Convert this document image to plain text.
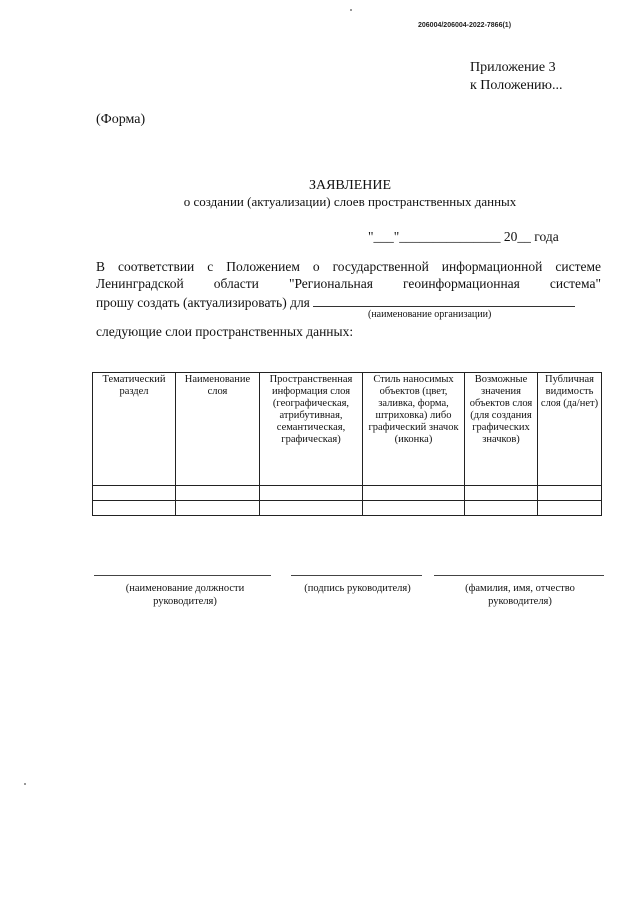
206004/206004-2022-7866(1)
Приложение 3
к Положению...
(Форма)
ЗАЯВЛЕНИЕ
о создании (актуализации) слоев пространственных данных
"___"_______________ 20__ года
В соответствии с Положением о государственной информационной системе Ленинградской области "Региональная геоинформационная система"
прошу создать (актуализировать) для
(наименование организации)
следующие слои пространственных данных:
Тематический раздел	Наименование слоя	Пространственная информация слоя (географическая, атрибутивная, семантическая, графическая)	Стиль наносимых объектов (цвет, заливка, форма, штриховка) либо графический значок (иконка)	Возможные значения объектов слоя (для создания графических значков)	Публичная видимость слоя (да/нет)

(наименование должности руководителя)
(подпись руководителя)	(фамилия, имя, отчество руководителя)
